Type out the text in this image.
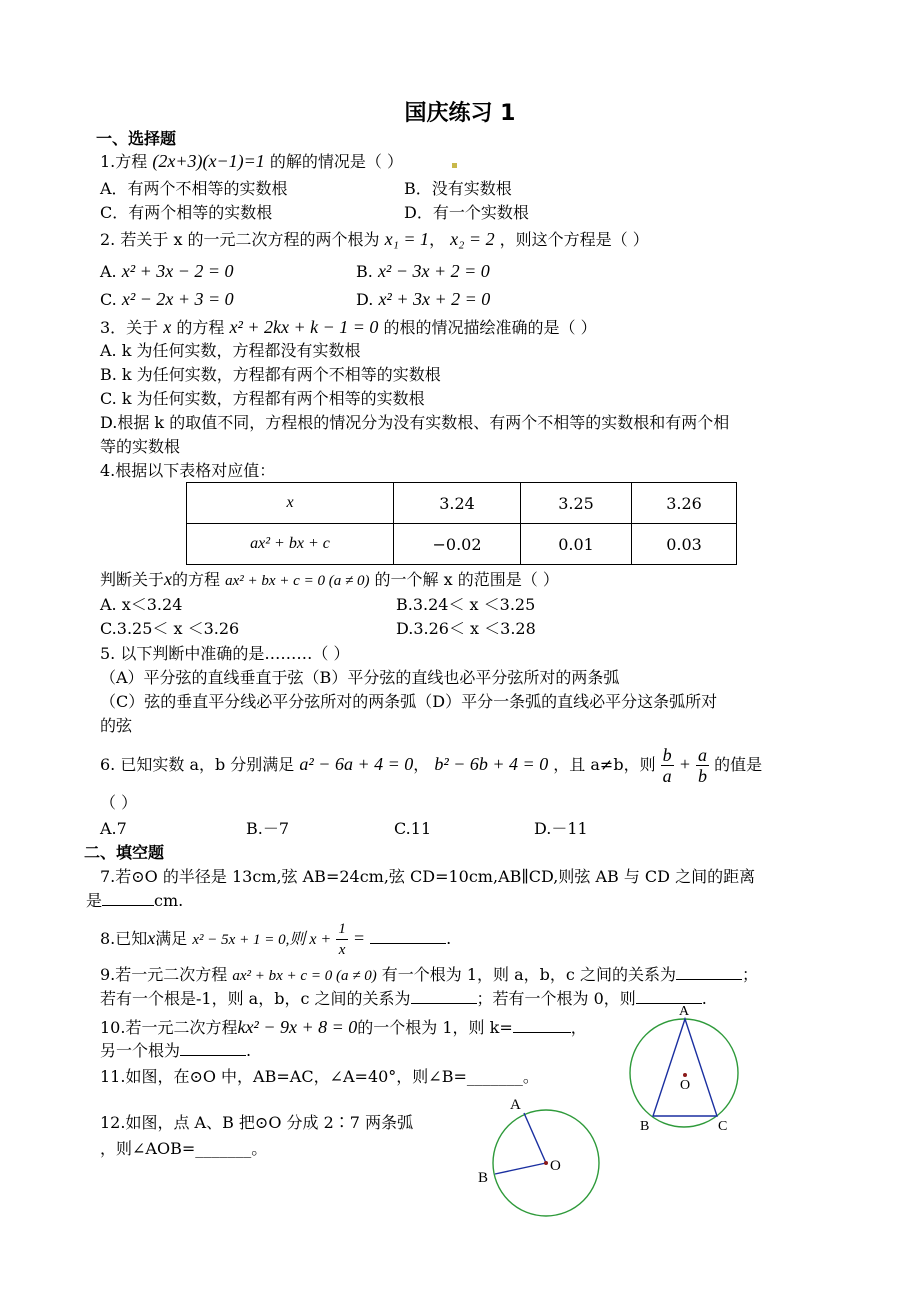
国庆练习 1
一、选择题
1.方程 (2x+3)(x−1)=1 的解的情况是（ ）
A．有两个不相等的实数根	B．没有实数根
C．有两个相等的实数根	D．有一个实数根
2. 若关于 x 的一元二次方程的两个根为 x₁ = 1， x₂ = 2 ，则这个方程是（ ）
A. x² + 3x − 2 = 0	B. x² − 3x + 2 = 0
C. x² − 2x + 3 = 0	D. x² + 3x + 2 = 0
3．关于 x 的方程 x² + 2kx + k − 1 = 0 的根的情况描绘准确的是（ ）
A. k 为任何实数，方程都没有实数根
B. k 为任何实数，方程都有两个不相等的实数根
C. k 为任何实数，方程都有两个相等的实数根
D.根据 k 的取值不同，方程根的情况分为没有实数根、有两个不相等的实数根和有两个相
等的实数根
4.根据以下表格对应值：
x	3.24	3.25	3.26
ax² + bx + c	−0.02	0.01	0.03
判断关于x的方程 ax² + bx + c = 0 (a ≠ 0) 的一个解 x 的范围是（ ）
A. x＜3.24	B.3.24＜ x ＜3.25
C.3.25＜ x ＜3.26	D.3.26＜ x ＜3.28
5. 以下判断中准确的是………（ ）
（A）平分弦的直线垂直于弦（B）平分弦的直线也必平分弦所对的两条弧
（C）弦的垂直平分线必平分弦所对的两条弧（D）平分一条弧的直线必平分这条弧所对
的弦
6. 已知实数 a，b 分别满足 a² − 6a + 4 = 0， b² − 6b + 4 = 0 ，且 a≠b，则 $\frac{b}{a} + \frac{a}{b}$ 的值是
（ ）
A.7	B.－7	C.11	D.－11
二、填空题
7.若⊙O 的半径是 13cm,弦 AB=24cm,弦 CD=10cm,AB∥CD,则弦 AB 与 CD 之间的距离
是	cm.
8.已知x满足 x² − 5x + 1 = 0,则 $x + \frac{1}{x}$ =	.
9.若一元二次方程 ax² + bx + c = 0 (a ≠ 0) 有一个根为 1，则 a，b，c 之间的关系为	；
若有一个根是-1，则 a，b，c 之间的关系为	；若有一个根为 0，则	.
10.若一元二次方程kx² − 9x + 8 = 0的一个根为 1，则 k=	，
另一个根为	.
11.如图，在⊙O 中，AB=AC，∠A=40°，则∠B=_______。
12.如图，点 A、B 把⊙O 分成 2∶7 两条弧
，则∠AOB=_______。
A
O
B	C
A
B
O
